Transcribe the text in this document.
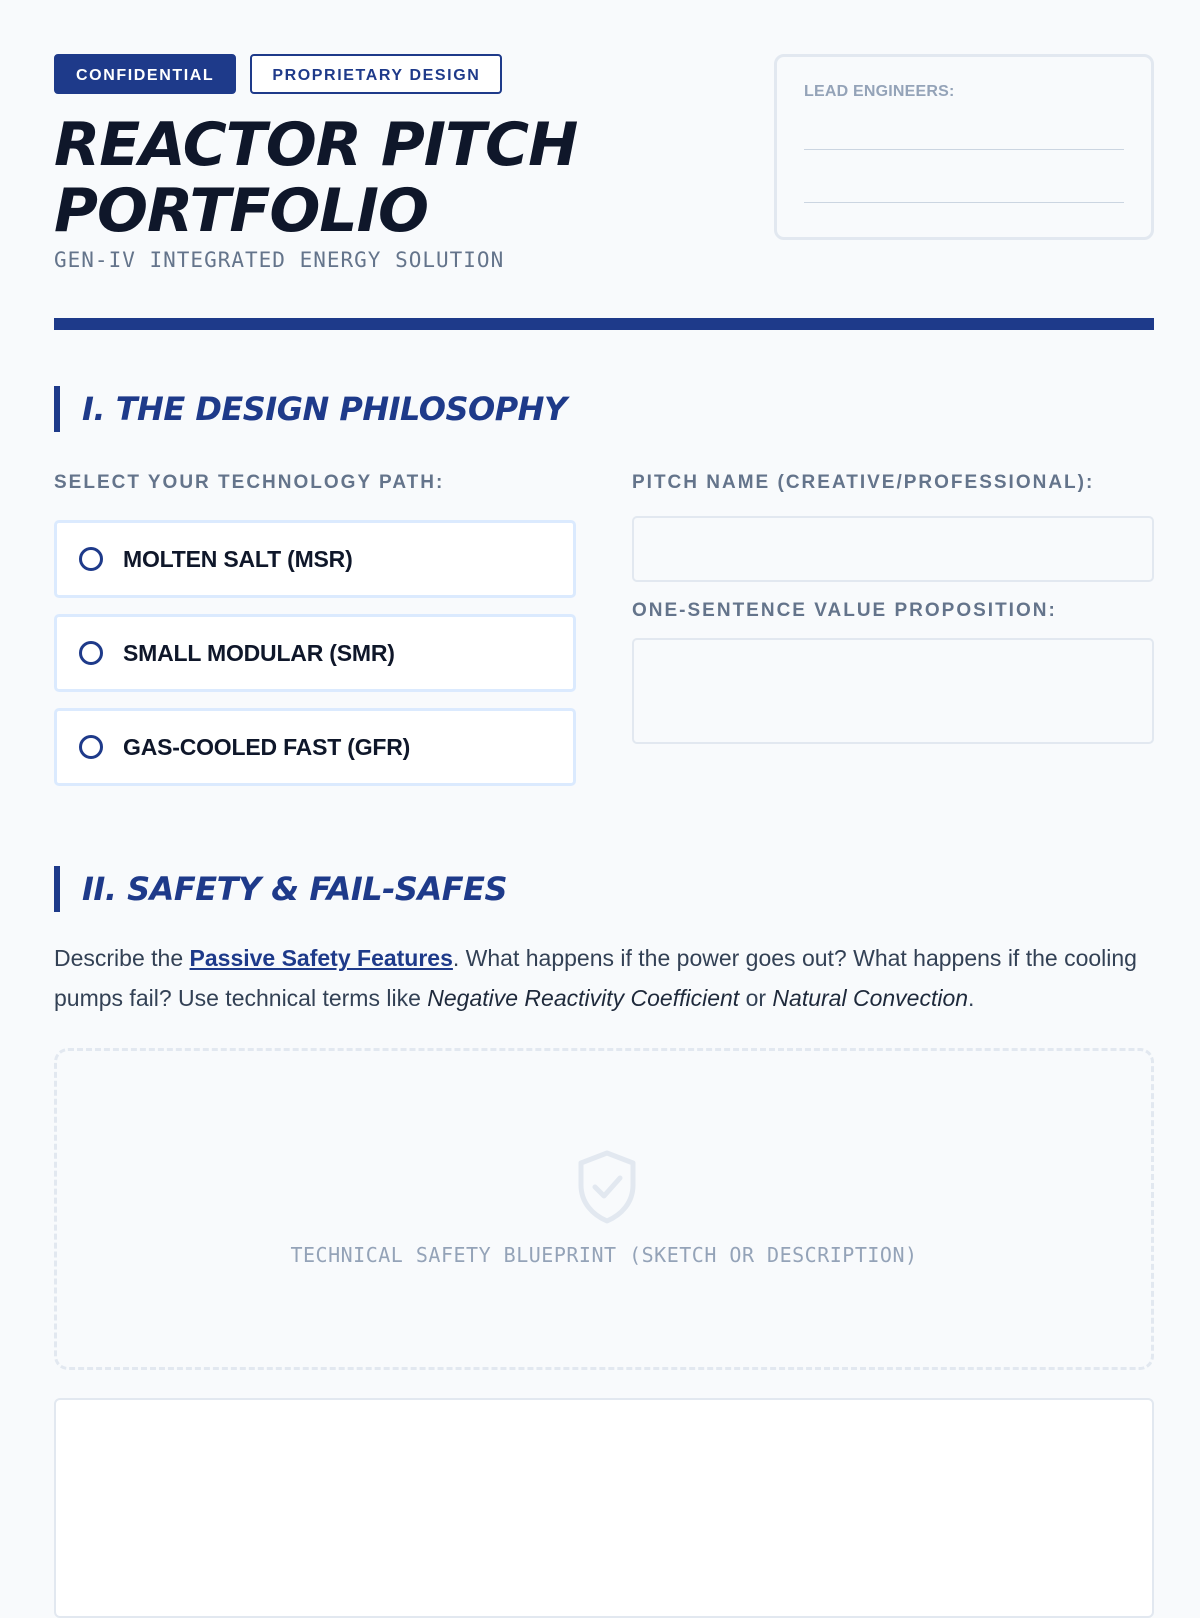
CONFIDENTIAL	PROPRIETARY DESIGN
REACTOR PITCH
PORTFOLIO
GEN-IV INTEGRATED ENERGY SOLUTION
LEAD ENGINEERS:
I. THE DESIGN PHILOSOPHY
SELECT YOUR TECHNOLOGY PATH:
MOLTEN SALT (MSR)
SMALL MODULAR (SMR)
GAS-COOLED FAST (GFR)
PITCH NAME (CREATIVE/PROFESSIONAL):
ONE-SENTENCE VALUE PROPOSITION:
II. SAFETY & FAIL-SAFES
Describe the Passive Safety Features. What happens if the power goes out? What happens if the cooling pumps fail? Use technical terms like Negative Reactivity Coefficient or Natural Convection.
TECHNICAL SAFETY BLUEPRINT (SKETCH OR DESCRIPTION)
